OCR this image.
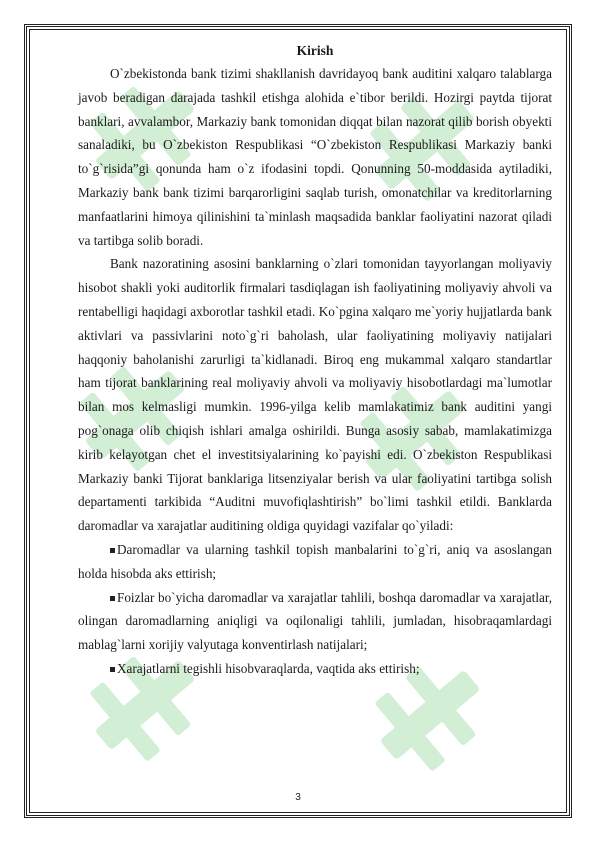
Kirish

O`zbekistonda bank tizimi shakllanish davridayoq bank auditini xalqaro talablarga javob beradigan darajada tashkil etishga alohida e`tibor berildi. Hozirgi paytda tijorat banklari, avvalambor, Markaziy bank tomonidan diqqat bilan nazorat qilib borish obyekti sanaladiki, bu O`zbekiston Respublikasi “O`zbekiston Respublikasi Markaziy banki to`g`risida”gi qonunda ham o`z ifodasini topdi. Qonunning 50-moddasida aytiladiki, Markaziy bank bank tizimi barqarorligini saqlab turish, omonatchilar va kreditorlarning manfaatlarini himoya qilinishini ta`minlash maqsadida banklar faoliyatini nazorat qiladi va tartibga solib boradi.

Bank nazoratining asosini banklarning o`zlari tomonidan tayyorlangan moliyaviy hisobot shakli yoki auditorlik firmalari tasdiqlagan ish faoliyatining moliyaviy ahvoli va rentabelligi haqidagi axborotlar tashkil etadi. Ko`pgina xalqaro me`yoriy hujjatlarda bank aktivlari va passivlarini noto`g`ri baholash, ular faoliyatining moliyaviy natijalari haqqoniy baholanishi zarurligi ta`kidlanadi. Biroq eng mukammal xalqaro standartlar ham tijorat banklarining real moliyaviy ahvoli va moliyaviy hisobotlardagi ma`lumotlar bilan mos kelmasligi mumkin. 1996-yilga kelib mamlakatimiz bank auditini yangi pog`onaga olib chiqish ishlari amalga oshirildi. Bunga asosiy sabab, mamlakatimizga kirib kelayotgan chet el investitsiyalarining ko`payishi edi. O`zbekiston Respublikasi Markaziy banki Tijorat banklariga litsenziyalar berish va ular faoliyatini tartibga solish departamenti tarkibida “Auditni muvofiqlashtirish” bo`limi tashkil etildi. Banklarda daromadlar va xarajatlar auditining oldiga quyidagi vazifalar qo`yiladi:

Daromadlar va ularning tashkil topish manbalarini to`g`ri, aniq va asoslangan holda hisobda aks ettirish;

Foizlar bo`yicha daromadlar va xarajatlar tahlili, boshqa daromadlar va xarajatlar, olingan daromadlarning aniqligi va oqilonaligi tahlili, jumladan, hisobraqamlardagi mablag`larni xorijiy valyutaga konventirlash natijalari;

Xarajatlarni tegishli hisobvaraqlarda, vaqtida aks ettirish;

3
